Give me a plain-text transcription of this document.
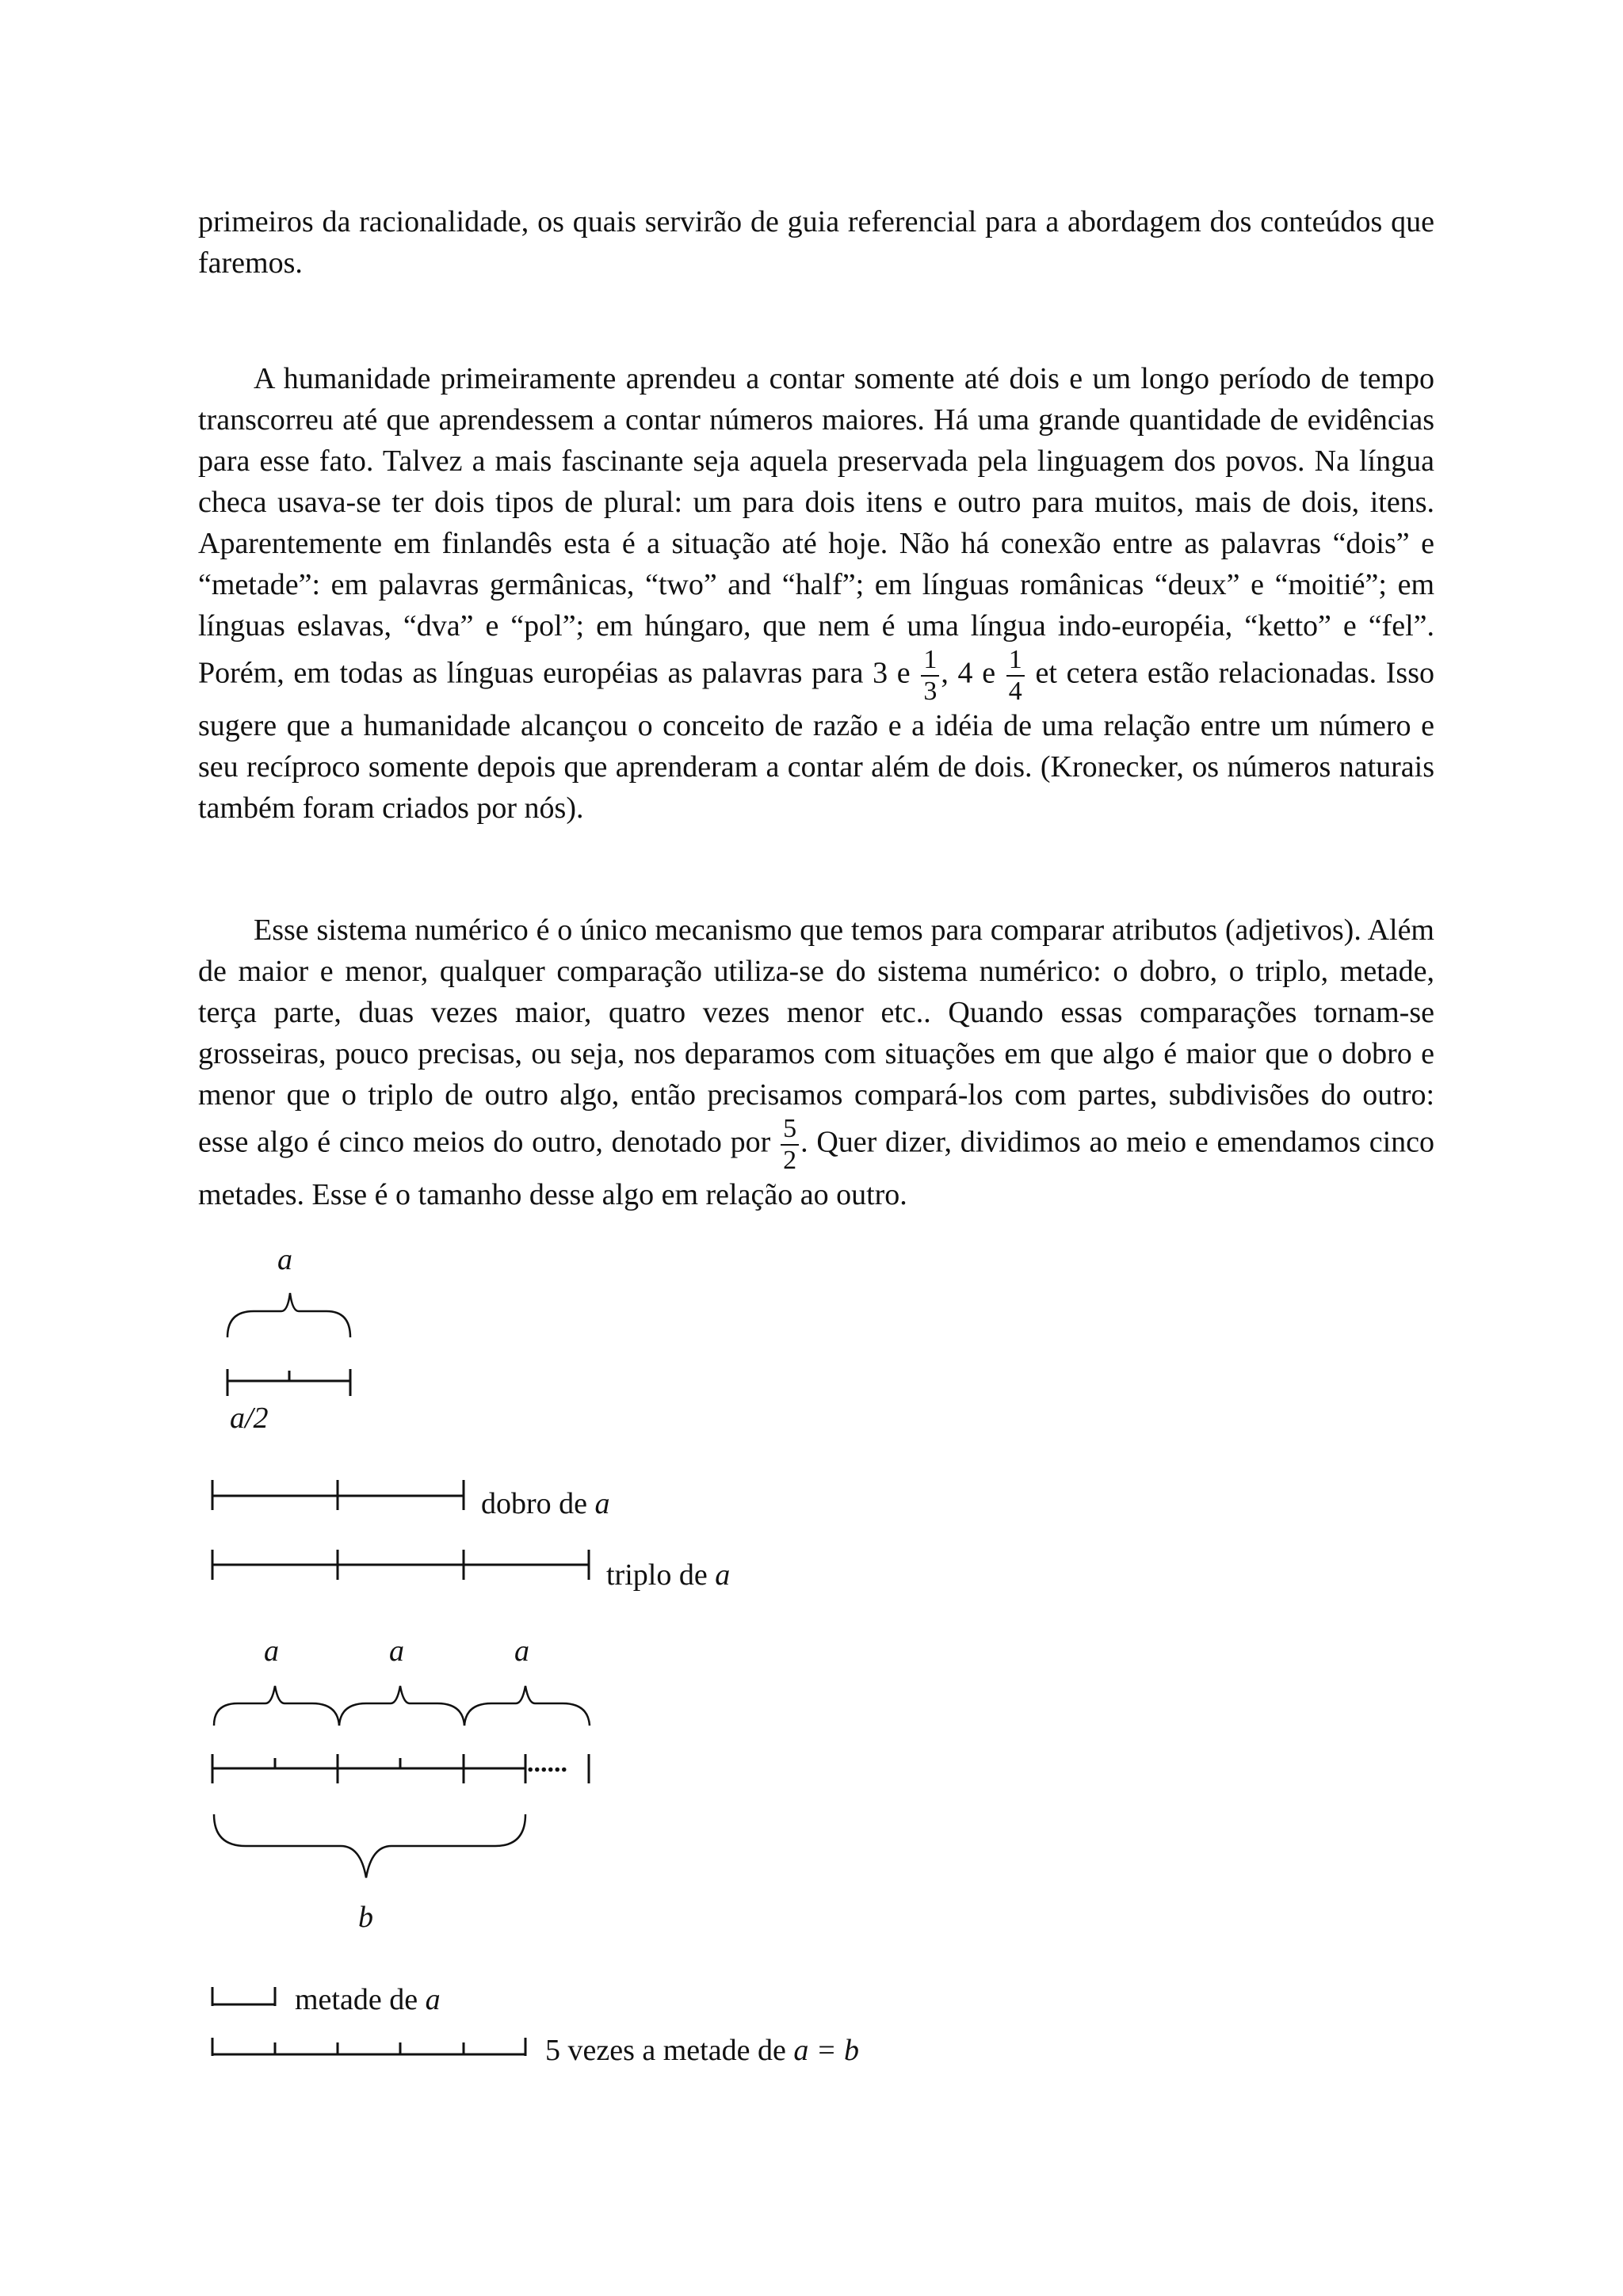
primeiros da racionalidade, os quais servirão de guia referencial para a abordagem dos conteúdos que faremos.

A humanidade primeiramente aprendeu a contar somente até dois e um longo período de tempo transcorreu até que aprendessem a contar números maiores. Há uma grande quantidade de evidências para esse fato. Talvez a mais fascinante seja aquela preservada pela linguagem dos povos. Na língua checa usava-se ter dois tipos de plural: um para dois itens e outro para muitos, mais de dois, itens. Aparentemente em finlandês esta é a situação até hoje. Não há conexão entre as palavras “dois” e “metade”: em palavras germânicas, “two” and “half”; em línguas românicas “deux” e “moitié”; em línguas eslavas, “dva” e “pol”; em húngaro, que nem é uma língua indo-européia, “ketto” e “fel”. Porém, em todas as línguas européias as palavras para 3 e $\frac{1}{3}$ , 4 e $\frac{1}{4}$ et cetera estão relacionadas. Isso sugere que a humanidade alcançou o conceito de razão e a idéia de uma relação entre um número e seu recíproco somente depois que aprenderam a contar além de dois. (Kronecker, os números naturais também foram criados por nós).

Esse sistema numérico é o único mecanismo que temos para comparar atributos (adjetivos). Além de maior e menor, qualquer comparação utiliza-se do sistema numérico: o dobro, o triplo, metade, terça parte, duas vezes maior, quatro vezes menor etc.. Quando essas comparações tornam-se grosseiras, pouco precisas, ou seja, nos deparamos com situações em que algo é maior que o dobro e menor que o triplo de outro algo, então precisamos compará-los com partes, subdivisões do outro: esse algo é cinco meios do outro, denotado por $\frac{5}{2}$ . Quer dizer, dividimos ao meio e emendamos cinco metades. Esse é o tamanho desse algo em relação ao outro.

a
a/2
dobro de a
triplo de a
a	a	a
......
b
metade de a
5 vezes a metade de a = b
